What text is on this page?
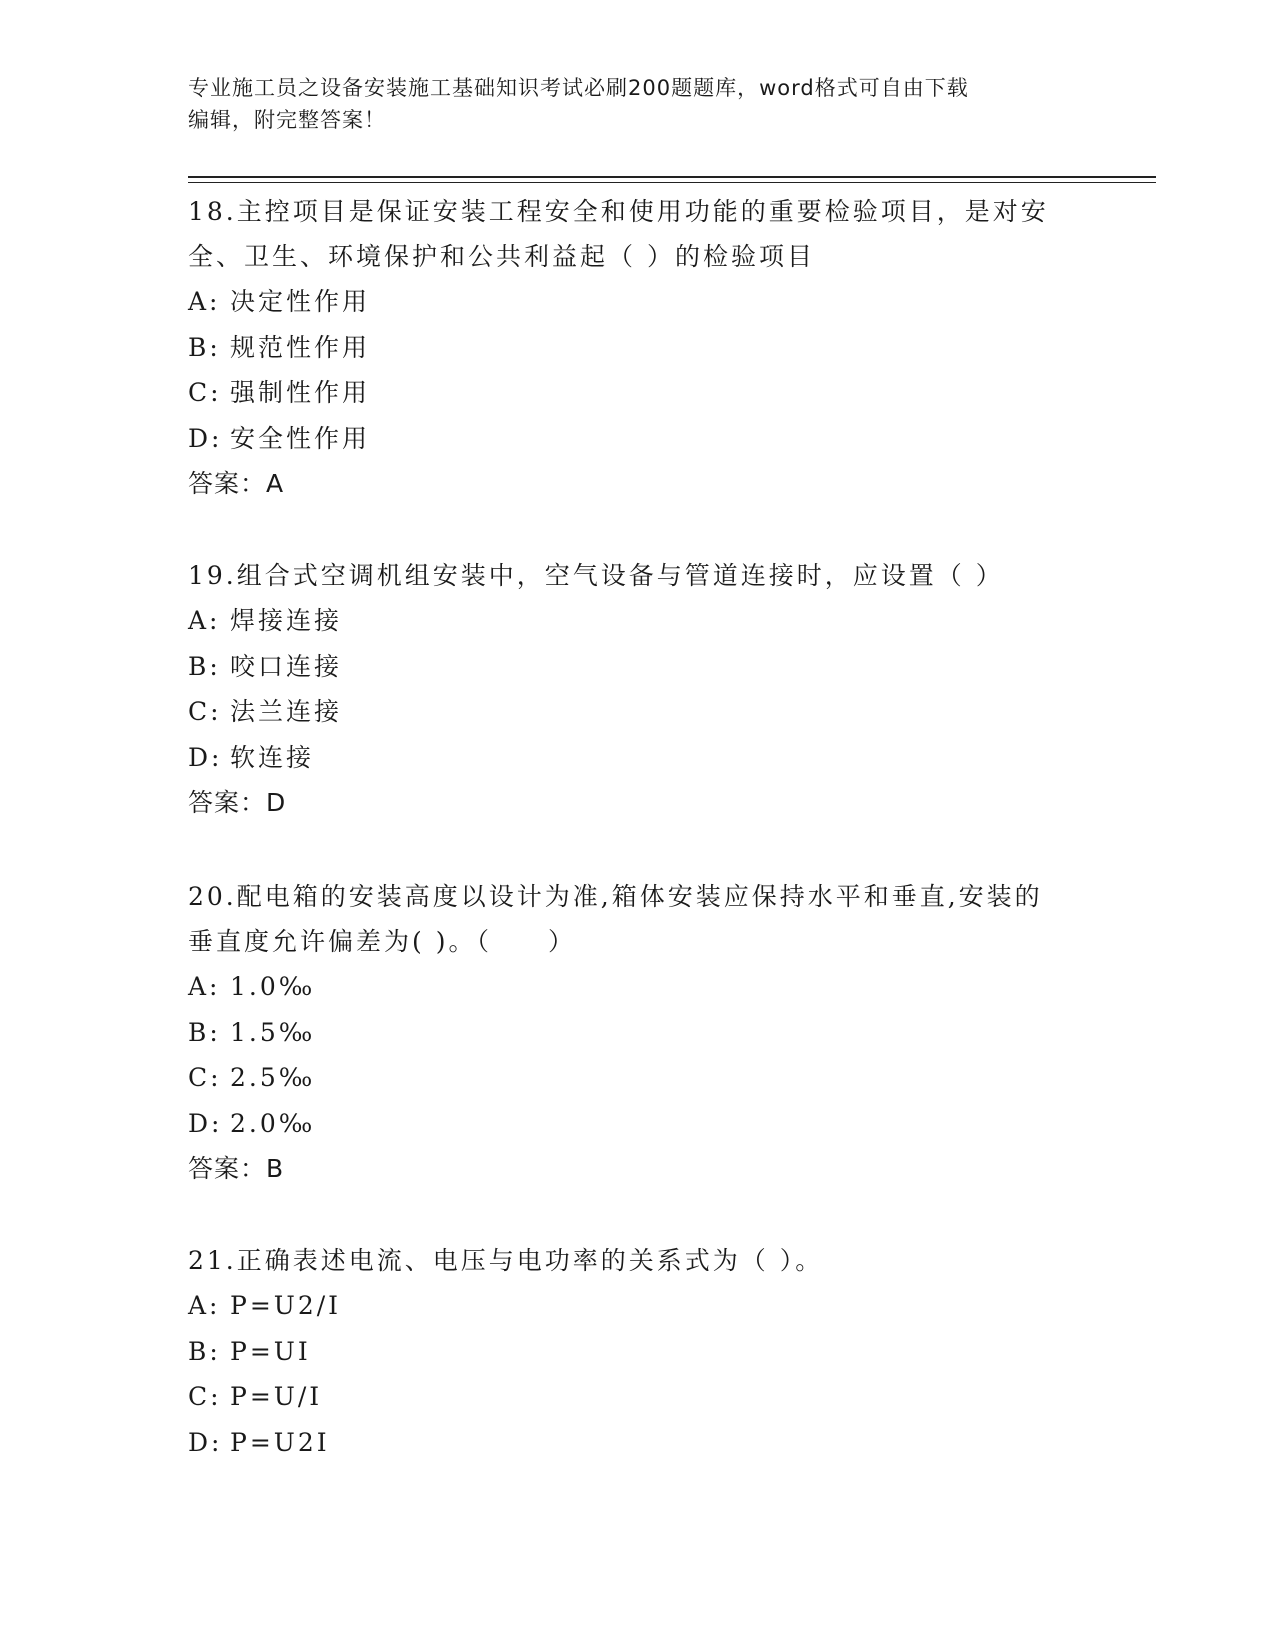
专业施工员之设备安装施工基础知识考试必刷200题题库，word格式可自由下载
编辑，附完整答案！
18.主控项目是保证安装工程安全和使用功能的重要检验项目，是对安
全、卫生、环境保护和公共利益起（ ）的检验项目
A: 决定性作用
B: 规范性作用
C: 强制性作用
D: 安全性作用
答案：A
19.组合式空调机组安装中，空气设备与管道连接时，应设置（ ）
A: 焊接连接
B: 咬口连接
C: 法兰连接
D: 软连接
答案：D
20.配电箱的安装高度以设计为准,箱体安装应保持水平和垂直,安装的
垂直度允许偏差为( )。（　　）
A: 1.0‰
B: 1.5‰
C: 2.5‰
D: 2.0‰
答案：B
21.正确表述电流、电压与电功率的关系式为（ ）。
A: P=U2/I
B: P=UI
C: P=U/I
D: P=U2I
